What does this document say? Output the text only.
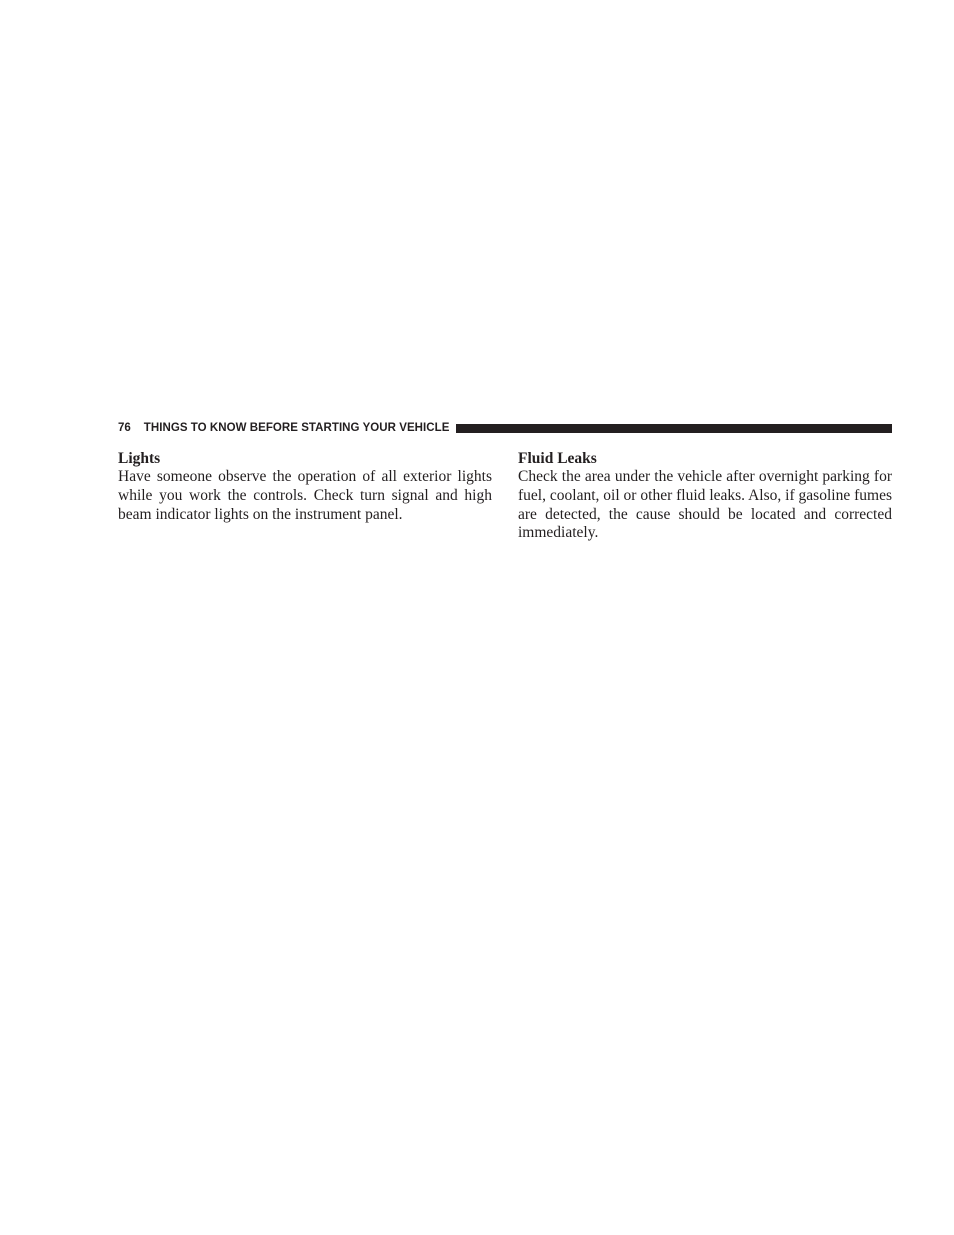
76 THINGS TO KNOW BEFORE STARTING YOUR VEHICLE

Lights

Have someone observe the operation of all exterior lights while you work the controls. Check turn signal and high beam indicator lights on the instrument panel.

Fluid Leaks

Check the area under the vehicle after overnight parking for fuel, coolant, oil or other fluid leaks. Also, if gasoline fumes are detected, the cause should be located and corrected immediately.
